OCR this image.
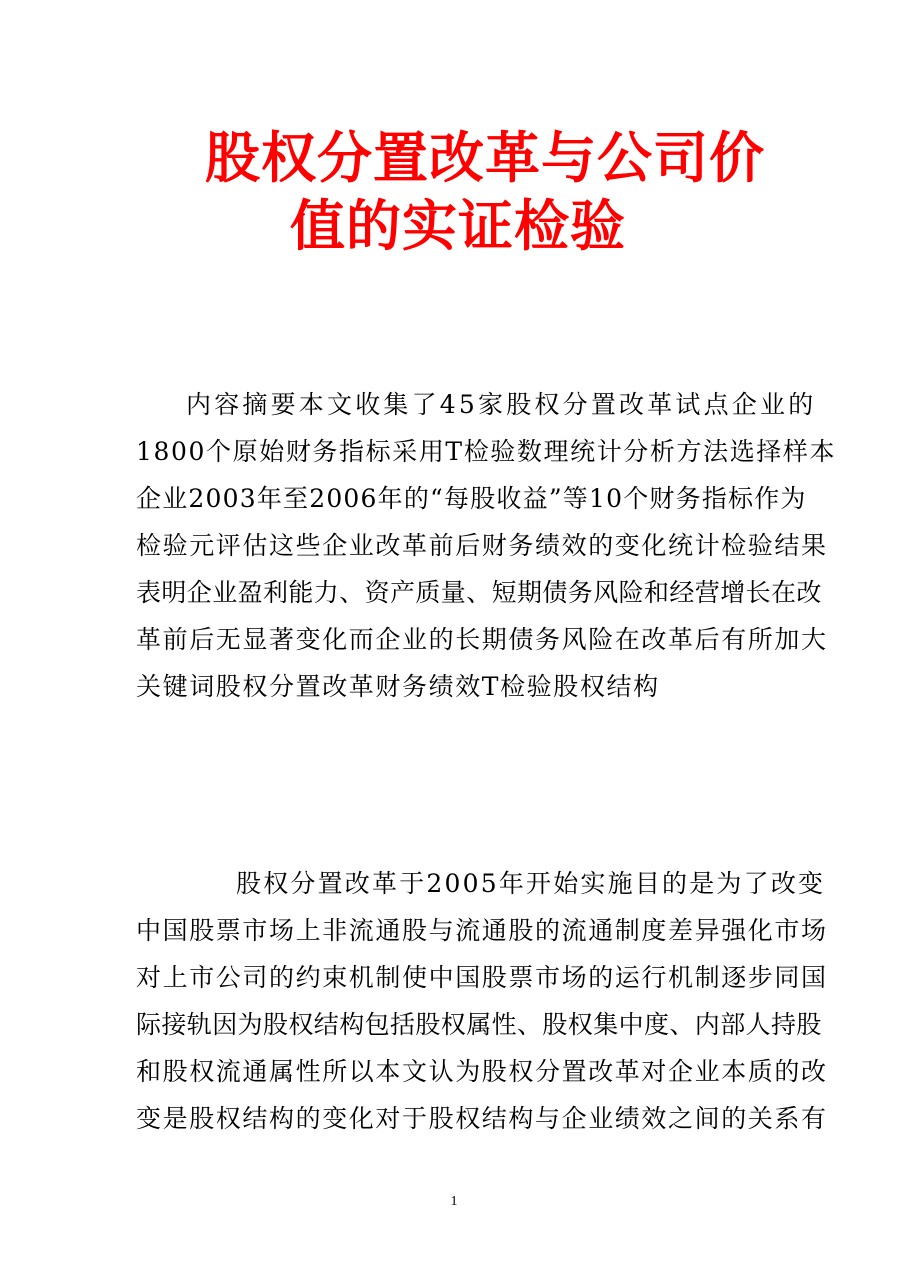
股权分置改革与公司价
值的实证检验
内容摘要本文收集了45家股权分置改革试点企业的
1800个原始财务指标采用T检验数理统计分析方法选择样本
企业2003年至2006年的“每股收益”等10个财务指标作为
检验元评估这些企业改革前后财务绩效的变化统计检验结果
表明企业盈利能力、资产质量、短期债务风险和经营增长在改
革前后无显著变化而企业的长期债务风险在改革后有所加大
关键词股权分置改革财务绩效T检验股权结构
股权分置改革于2005年开始实施目的是为了改变
中国股票市场上非流通股与流通股的流通制度差异强化市场
对上市公司的约束机制使中国股票市场的运行机制逐步同国
际接轨因为股权结构包括股权属性、股权集中度、内部人持股
和股权流通属性所以本文认为股权分置改革对企业本质的改
变是股权结构的变化对于股权结构与企业绩效之间的关系有
1
